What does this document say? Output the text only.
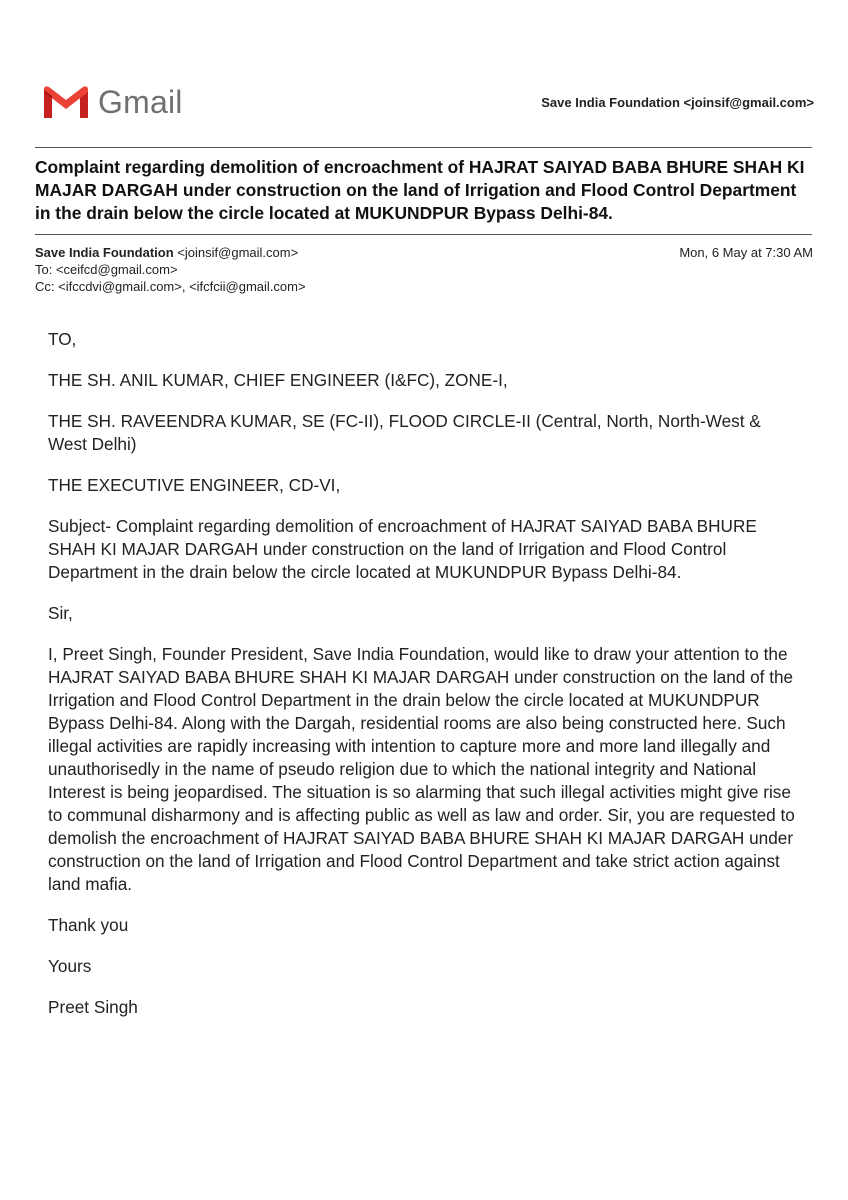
Gmail	Save India Foundation <joinsif@gmail.com>
Complaint regarding demolition of encroachment of HAJRAT SAIYAD BABA BHURE SHAH KI MAJAR DARGAH under construction on the land of Irrigation and Flood Control Department in the drain below the circle located at MUKUNDPUR Bypass Delhi-84.
Save India Foundation
<joinsif@gmail.com>	Mon, 6 May at 7:30 AM
To: <ceifcd@gmail.com>
Cc: <ifccdvi@gmail.com>, <ifcfcii@gmail.com>

TO,

THE SH. ANIL KUMAR, CHIEF ENGINEER (I&FC), ZONE-I,

THE SH. RAVEENDRA KUMAR, SE (FC-II), FLOOD CIRCLE-II (Central, North, North-West & West Delhi)

THE EXECUTIVE ENGINEER, CD-VI,

Subject- Complaint regarding demolition of encroachment of HAJRAT SAIYAD BABA BHURE SHAH KI MAJAR DARGAH under construction on the land of Irrigation and Flood Control Department in the drain below the circle located at MUKUNDPUR Bypass Delhi-84.

Sir,

I, Preet Singh, Founder President, Save India Foundation, would like to draw your attention to the HAJRAT SAIYAD BABA BHURE SHAH KI MAJAR DARGAH under construction on the land of the Irrigation and Flood Control Department in the drain below the circle located at MUKUNDPUR Bypass Delhi-84. Along with the Dargah, residential rooms are also being constructed here. Such illegal activities are rapidly increasing with intention to capture more and more land illegally and unauthorisedly in the name of pseudo religion due to which the national integrity and National Interest is being jeopardised. The situation is so alarming that such illegal activities might give rise to communal disharmony and is affecting public as well as law and order. Sir, you are requested to demolish the encroachment of HAJRAT SAIYAD BABA BHURE SHAH KI MAJAR DARGAH under construction on the land of Irrigation and Flood Control Department and take strict action against land mafia.

Thank you

Yours

Preet Singh
